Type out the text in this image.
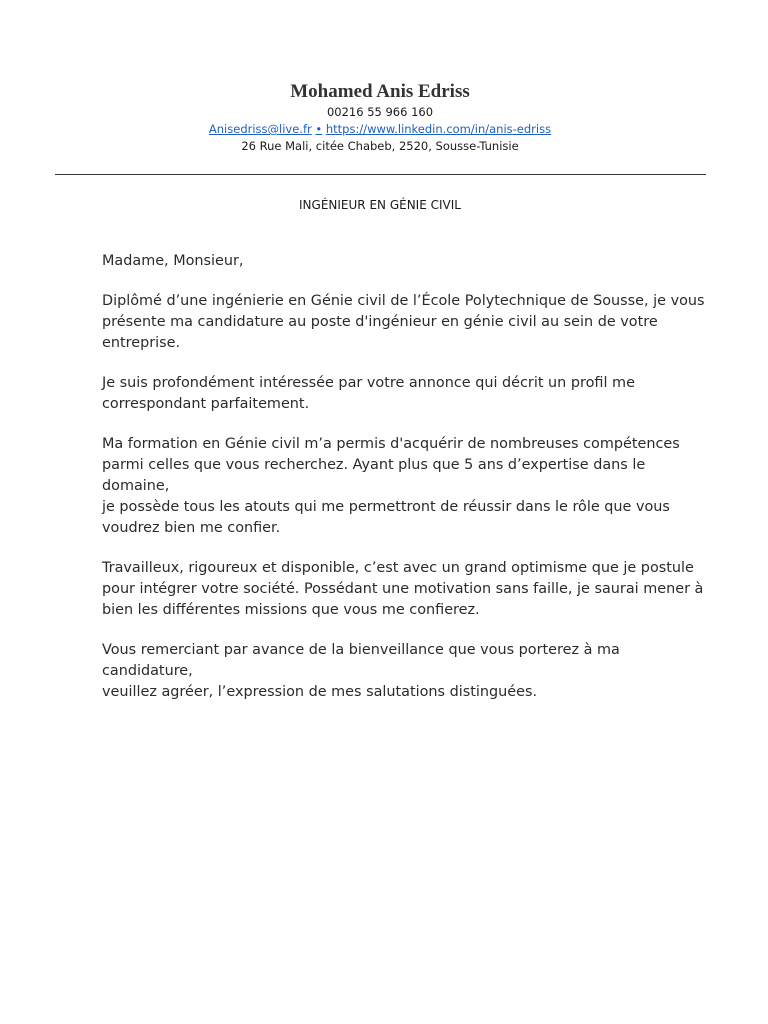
Mohamed Anis Edriss
00216 55 966 160
Anisedriss@live.fr • https://www.linkedin.com/in/anis-edriss
26 Rue Mali, citée Chabeb, 2520, Sousse-Tunisie
INGÉNIEUR EN GÉNIE CIVIL

Madame, Monsieur,

Diplômé d’une ingénierie en Génie civil de l’École Polytechnique de Sousse, je vous
présente ma candidature au poste d'ingénieur en génie civil au sein de votre
entreprise.

Je suis profondément intéressée par votre annonce qui décrit un profil me
correspondant parfaitement.

Ma formation en Génie civil m’a permis d'acquérir de nombreuses compétences
parmi celles que vous recherchez. Ayant plus que 5 ans d’expertise dans le domaine,
je possède tous les atouts qui me permettront de réussir dans le rôle que vous
voudrez bien me confier.

Travailleux, rigoureux et disponible, c’est avec un grand optimisme que je postule
pour intégrer votre société. Possédant une motivation sans faille, je saurai mener à
bien les différentes missions que vous me confierez.

Vous remerciant par avance de la bienveillance que vous porterez à ma candidature,
veuillez agréer, l’expression de mes salutations distinguées.
